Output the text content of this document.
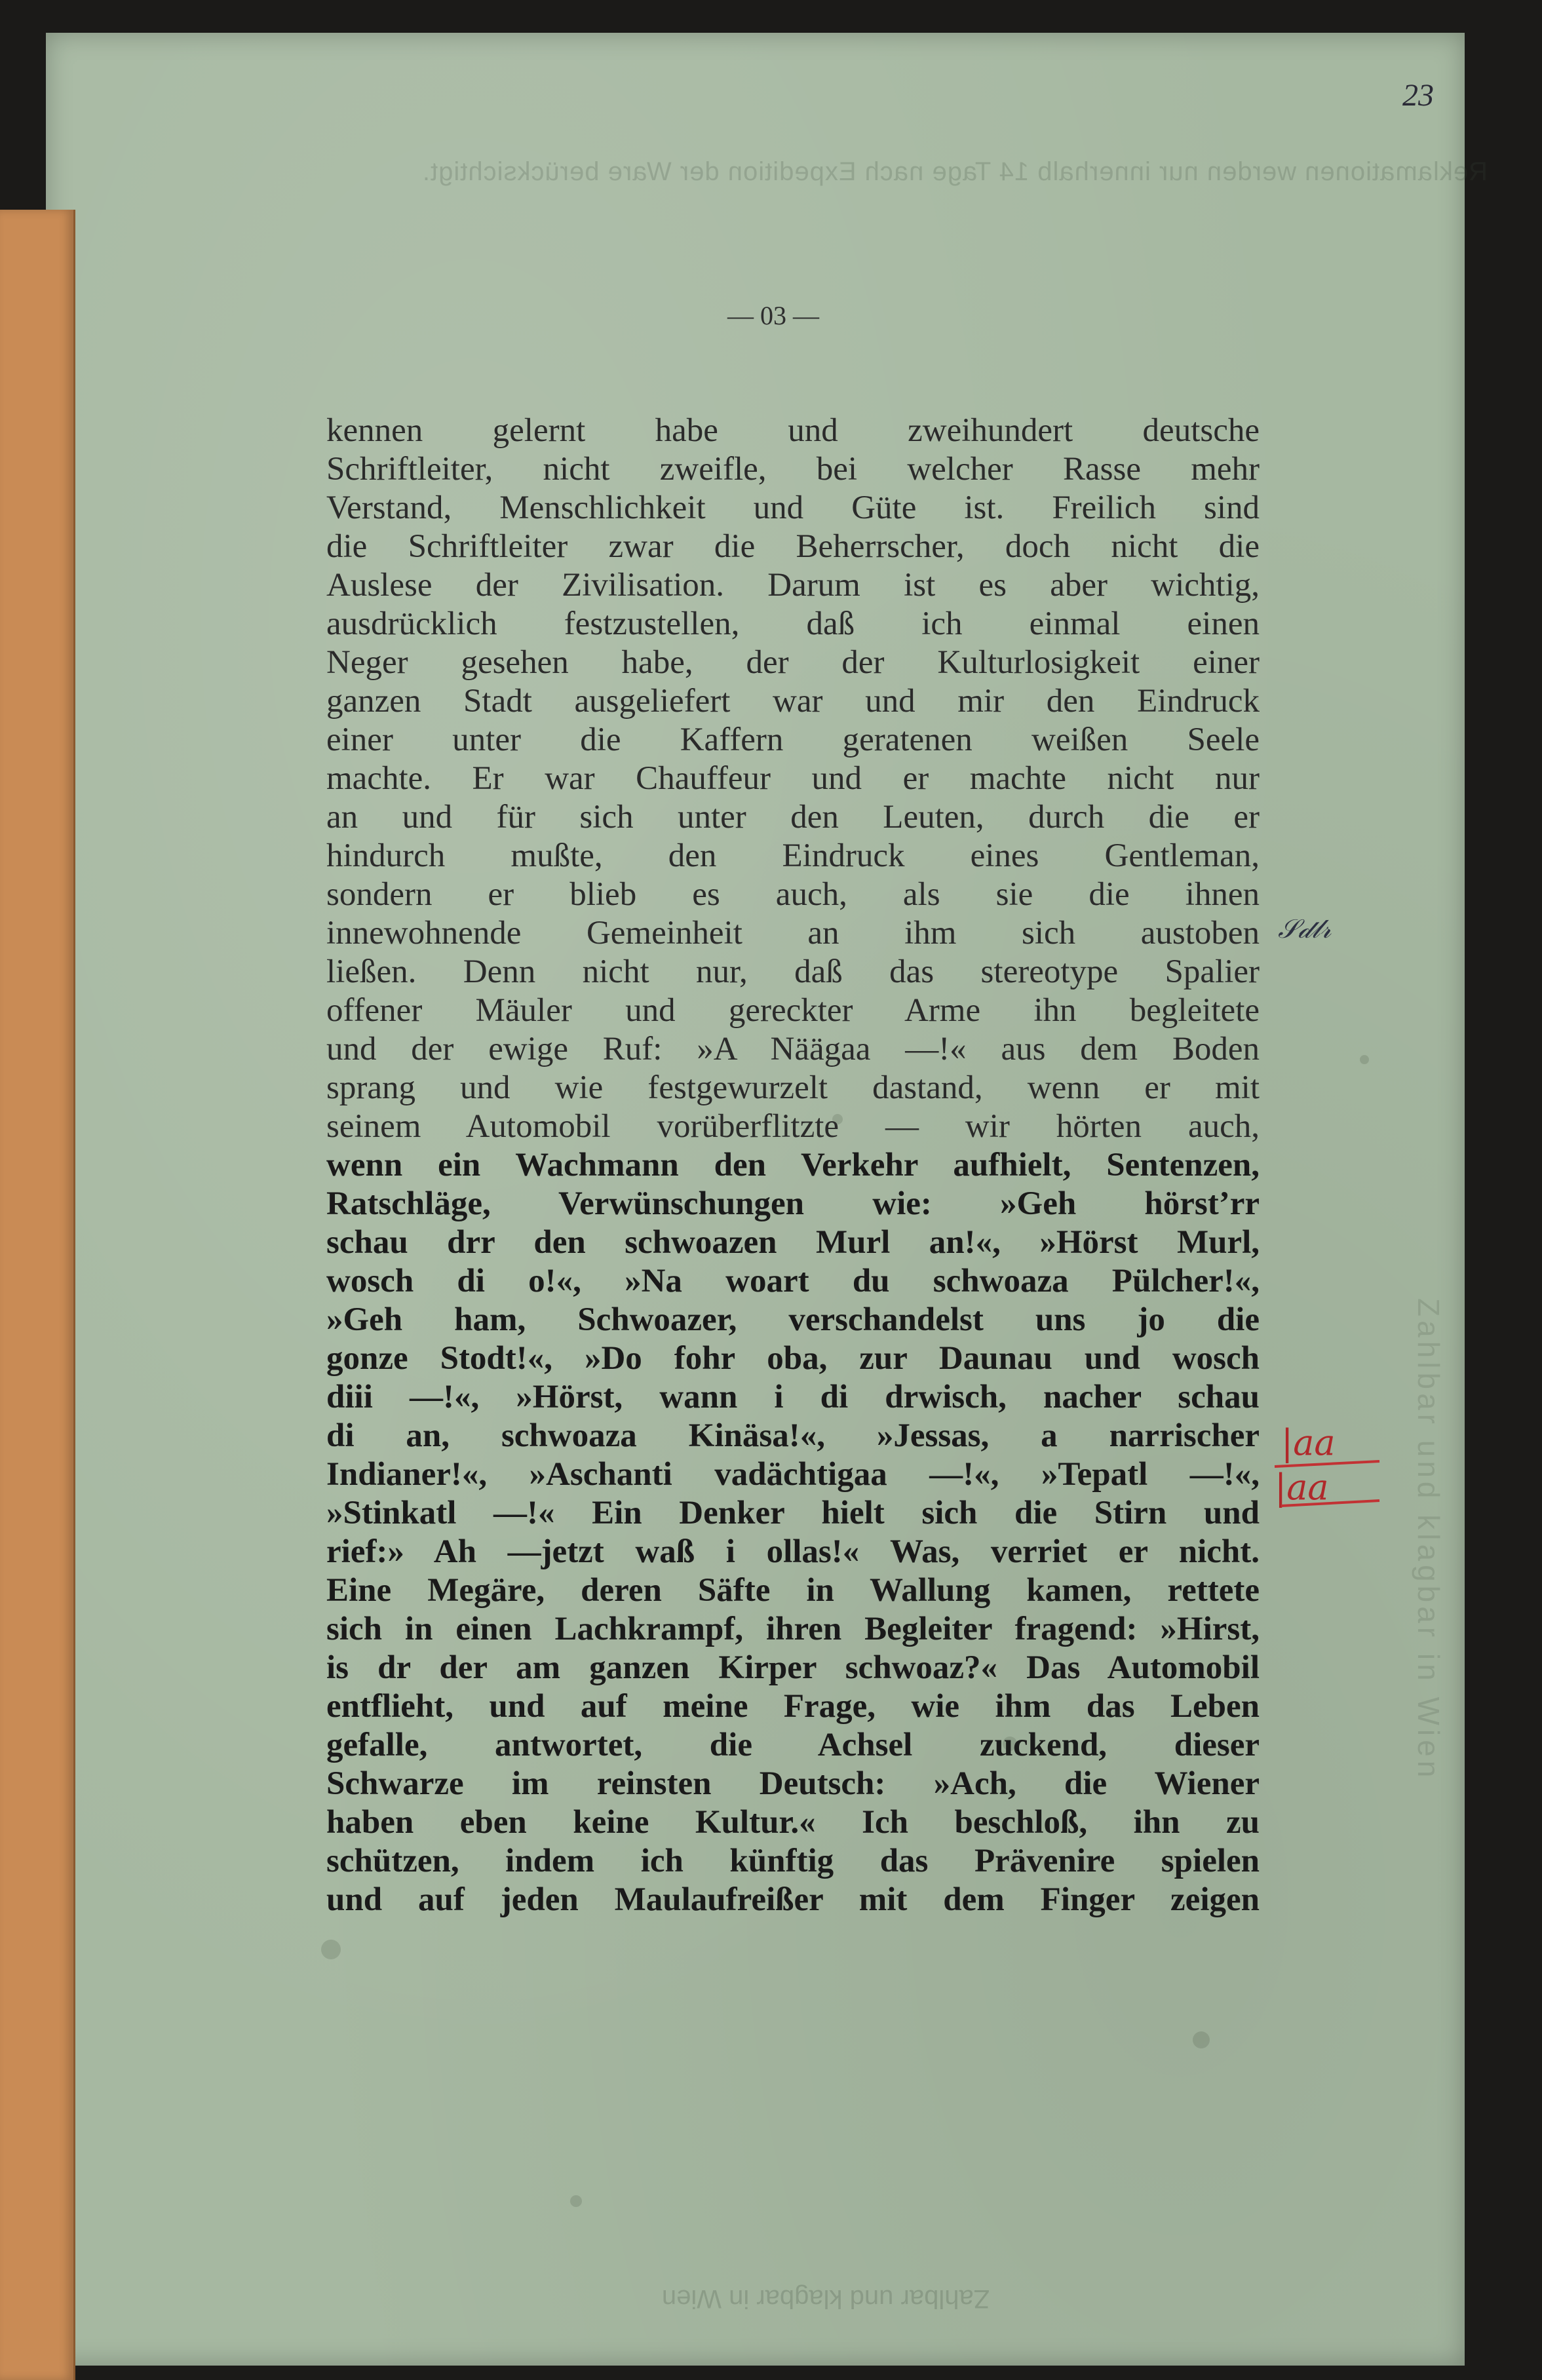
Reklamationen werden nur innerhalb 14 Tage nach Expedition der Ware berücksichtigt.
Zahlbar und klagbar in Wien
Zahlbar und klagbar in Wien
23
— 03 —
kennen gelernt habe und zweihundert deutsche
Schriftleiter, nicht zweifle, bei welcher Rasse mehr
Verstand, Menschlichkeit und Güte ist. Freilich sind
die Schriftleiter zwar die Beherrscher, doch nicht die
Auslese der Zivilisation. Darum ist es aber wichtig,
ausdrücklich festzustellen, daß ich einmal einen
Neger gesehen habe, der der Kulturlosigkeit einer
ganzen Stadt ausgeliefert war und mir den Eindruck
einer unter die Kaffern geratenen weißen Seele
machte. Er war Chauffeur und er machte nicht nur
an und für sich unter den Leuten, durch die er
hindurch mußte, den Eindruck eines Gentleman,
sondern er blieb es auch, als sie die ihnen
innewohnende Gemeinheit an ihm sich austoben
ließen. Denn nicht nur, daß das stereotype Spalier
offener Mäuler und gereckter Arme ihn begleitete
und der ewige Ruf: »A Näägaa —!« aus dem Boden
sprang und wie festgewurzelt dastand, wenn er mit
seinem Automobil vorüberflitzte — wir hörten auch,
wenn ein Wachmann den Verkehr aufhielt, Sentenzen,
Ratschläge, Verwünschungen wie: »Geh hörst’rr
schau drr den schwoazen Murl an!«, »Hörst Murl,
wosch di o!«, »Na woart du schwoaza Pülcher!«,
»Geh ham, Schwoazer, verschandelst uns jo die
gonze Stodt!«, »Do fohr oba, zur Daunau und wosch
diii —!«, »Hörst, wann i di drwisch, nacher schau
di an, schwoaza Kinäsa!«, »Jessas, a narrischer
Indianer!«, »Aschanti vadächtigaa —!«, »Tepatl —!«,
»Stinkatl —!« Ein Denker hielt sich die Stirn und
rief:» Ah —jetzt waß i ollas!« Was, verriet er nicht.
Eine Megäre, deren Säfte in Wallung kamen, rettete
sich in einen Lachkrampf, ihren Begleiter fragend: »Hirst,
is dr der am ganzen Kirper schwoaz?« Das Automobil
entflieht, und auf meine Frage, wie ihm das Leben
gefalle, antwortet, die Achsel zuckend, dieser
Schwarze im reinsten Deutsch: »Ach, die Wiener
haben eben keine Kultur.« Ich beschloß, ihn zu
schützen, indem ich künftig das Prävenire spielen
und auf jeden Maulaufreißer mit dem Finger zeigen
𝒮𝒹𝓁𝓇
|aa
|aa
